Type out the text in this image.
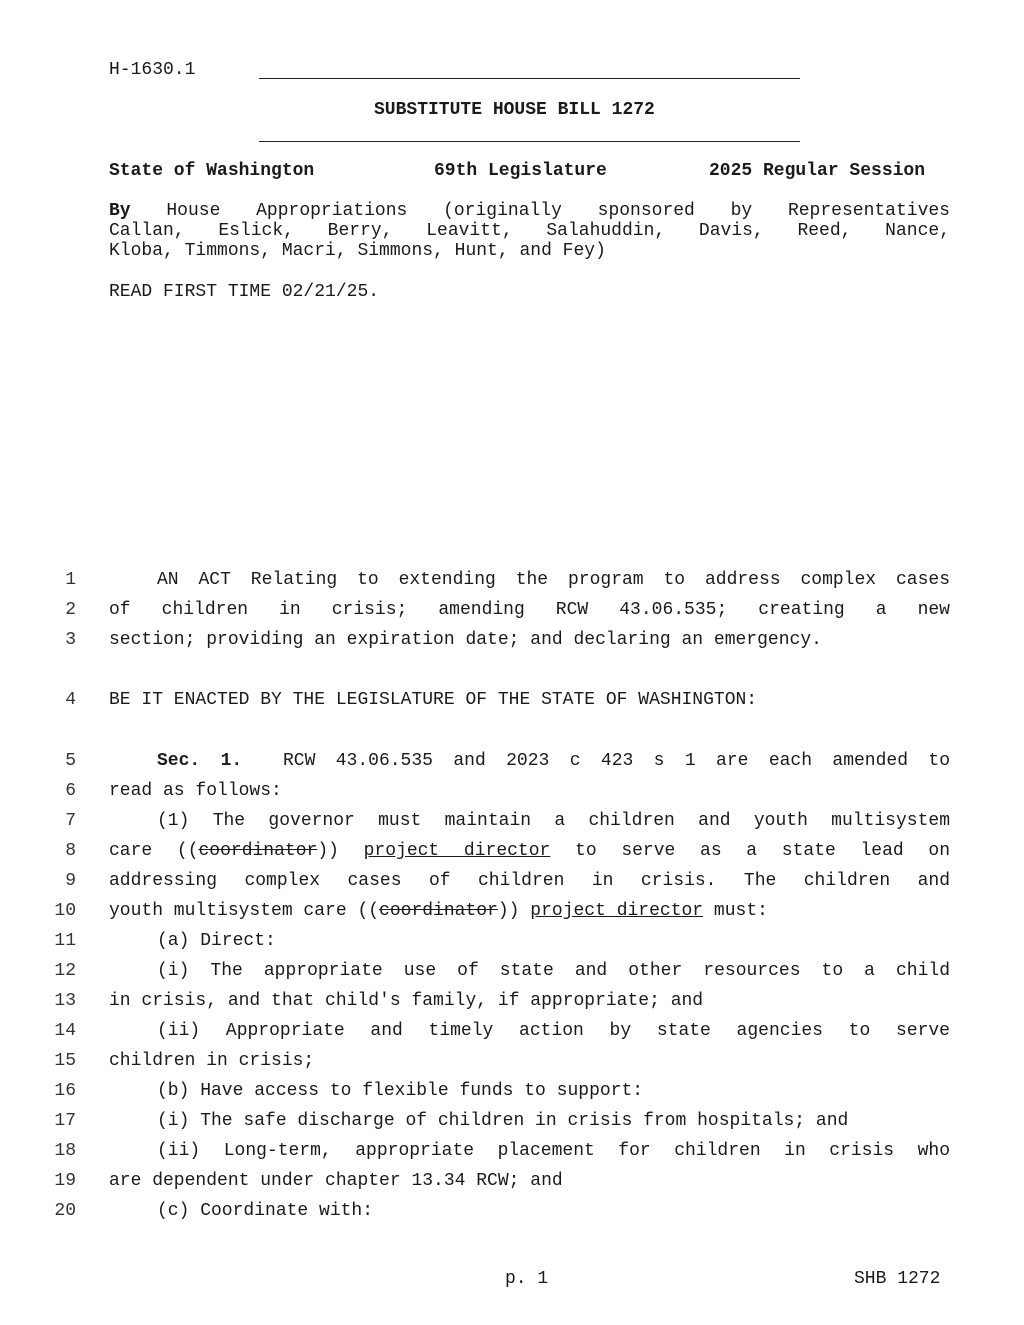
H-1630.1
SUBSTITUTE HOUSE BILL 1272
State of Washington	69th Legislature	2025 Regular Session
By House Appropriations (originally sponsored by Representatives
Callan, Eslick, Berry, Leavitt, Salahuddin, Davis, Reed, Nance,
Kloba, Timmons, Macri, Simmons, Hunt, and Fey)
READ FIRST TIME 02/21/25.
1	AN ACT Relating to extending the program to address complex cases
2 of children in crisis; amending RCW 43.06.535; creating a new
3 section; providing an expiration date; and declaring an emergency.
4 BE IT ENACTED BY THE LEGISLATURE OF THE STATE OF WASHINGTON:
5	Sec. 1. RCW 43.06.535 and 2023 c 423 s 1 are each amended to
6 read as follows:
7	(1) The governor must maintain a children and youth multisystem
8 care ((coordinator)) project director to serve as a state lead on
9 addressing complex cases of children in crisis. The children and
10 youth multisystem care ((coordinator)) project director must:
11	(a) Direct:
12	(i) The appropriate use of state and other resources to a child
13 in crisis, and that child's family, if appropriate; and
14	(ii) Appropriate and timely action by state agencies to serve
15 children in crisis;
16	(b) Have access to flexible funds to support:
17	(i) The safe discharge of children in crisis from hospitals; and
18	(ii) Long-term, appropriate placement for children in crisis who
19 are dependent under chapter 13.34 RCW; and
20	(c) Coordinate with:
p. 1	SHB 1272
